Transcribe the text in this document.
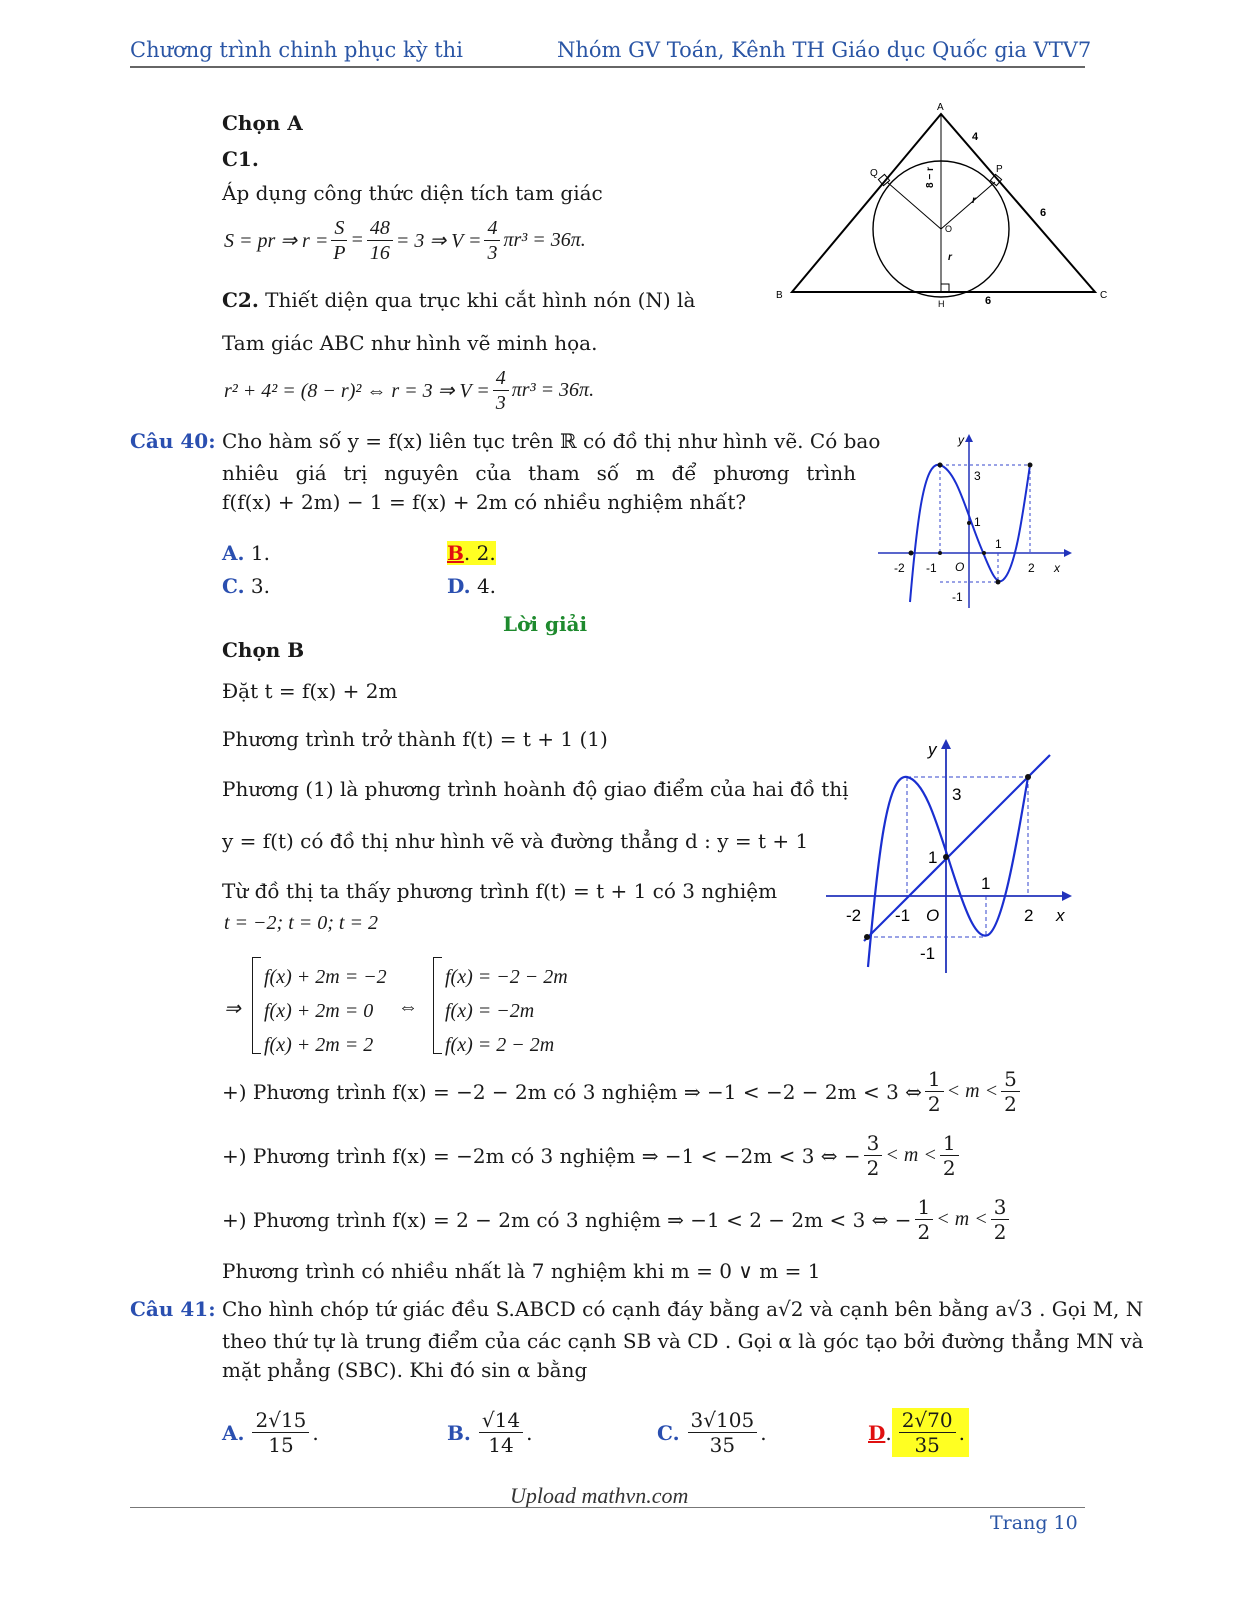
Chương trình chinh phục kỳ thi	Nhóm GV Toán, Kênh TH Giáo dục Quốc gia VTV7
Chọn A
C1.
Áp dụng công thức diện tích tam giác
S = pr ⇒ $r = \frac{S}{P} = \frac{48}{16} = 3$ ⇒ $V = \frac{4}{3} \pi r^3 = 36\pi$.
C2. Thiết diện qua trục khi cắt hình nón (N) là
Tam giác ABC như hình vẽ minh họa.
r² + 4² = (8 − r)² ⇔ r = 3 ⇒ $V = \frac{4}{3} \pi r^3 = 36\pi$.
A
B	C
H
P
Q
O
4
6
6
r
r
8 − r
Câu 40: Cho hàm số y = f(x) liên tục trên ℝ có đồ thị như hình vẽ. Có bao
nhiêu giá trị nguyên của tham số m để phương trình
f(f(x) + 2m) − 1 = f(x) + 2m có nhiều nghiệm nhất?
A. 1.	B. 2.
C. 3.	D. 4.
y
x
O
3
1
1
-2 -1	2
-1
Lời giải
Chọn B
Đặt t = f(x) + 2m
Phương trình trở thành f(t) = t + 1 (1)
Phương (1) là phương trình hoành độ giao điểm của hai đồ thị
y = f(t) có đồ thị như hình vẽ và đường thẳng d : y = t + 1
Từ đồ thị ta thấy phương trình f(t) = t + 1 có 3 nghiệm
t = −2; t = 0; t = 2
y
x
O
3
1
1
-2 -1	2
-1
⇒
f(x) + 2m = −2
f(x) + 2m = 0
f(x) + 2m = 2
⇔
f(x) = −2 − 2m
f(x) = −2m
f(x) = 2 − 2m
+) Phương trình f(x) = −2 − 2m có 3 nghiệm ⇒ −1 < −2 − 2m < 3 ⇔ $\frac{1}{2} < m < \frac{5}{2}$
+) Phương trình f(x) = −2m có 3 nghiệm ⇒ −1 < −2m < 3 ⇔ − $\frac{3}{2} < m < \frac{1}{2}$
+) Phương trình f(x) = 2 − 2m có 3 nghiệm ⇒ −1 < 2 − 2m < 3 ⇔ − $\frac{1}{2} < m < \frac{3}{2}$
Phương trình có nhiều nhất là 7 nghiệm khi m = 0 ∨ m = 1
Câu 41: Cho hình chóp tứ giác đều S.ABCD có cạnh đáy bằng a√2 và cạnh bên bằng a√3 . Gọi M, N
theo thứ tự là trung điểm của các cạnh SB và CD . Gọi α là góc tạo bởi đường thẳng MN và
mặt phẳng (SBC). Khi đó sin α bằng
A. $\frac{2√15}{15}$ .	B. $\frac{√14}{14}$ .	C. $\frac{3√105}{35}$ .	D . $\frac{2√70}{35}$ .
Upload mathvn.com
Trang 10
